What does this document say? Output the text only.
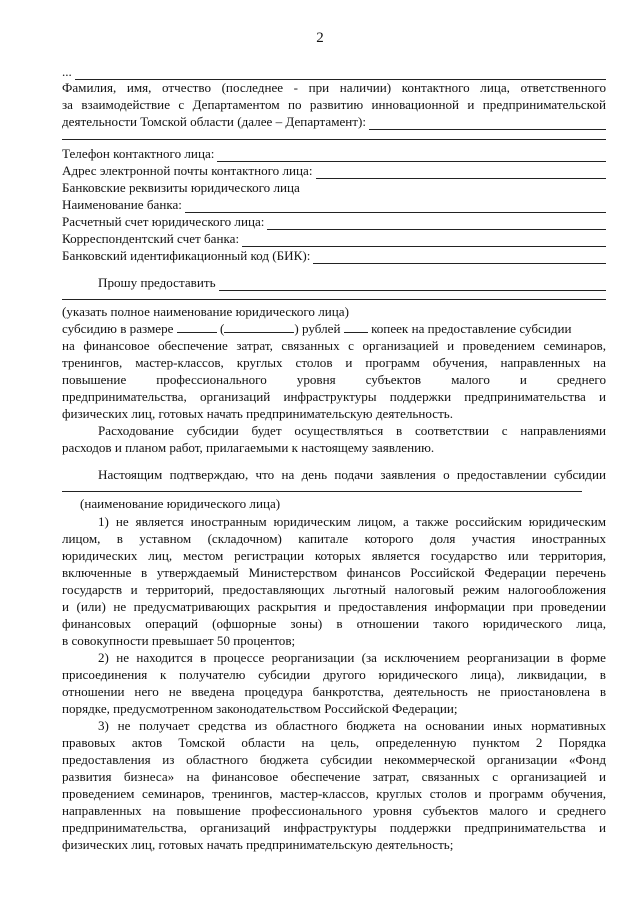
2
...
Фамилия, имя, отчество (последнее - при наличии) контактного лица, ответственного
за взаимодействие с Департаментом по развитию инновационной и предпринимательской
деятельности Томской области (далее – Департамент):
Телефон контактного лица:
Адрес электронной почты контактного лица:
Банковские реквизиты юридического лица
Наименование банка:
Расчетный счет юридического лица:
Корреспондентский счет банка:
Банковский идентификационный код (БИК):
Прошу предоставить
(указать полное наименование юридического лица)
субсидию в размере	(	) рублей копеек на предоставление субсидии
на финансовое обеспечение затрат, связанных с организацией и проведением семинаров,
тренингов, мастер-классов, круглых столов и программ обучения, направленных на
повышение профессионального уровня субъектов малого и среднего
предпринимательства, организаций инфраструктуры поддержки предпринимательства и
физических лиц, готовых начать предпринимательскую деятельность.
Расходование субсидии будет осуществляться в соответствии с направлениями
расходов и планом работ, прилагаемыми к настоящему заявлению.
Настоящим подтверждаю, что на день подачи заявления о предоставлении субсидии
(наименование юридического лица)
1) не является иностранным юридическим лицом, а также российским юридическим
лицом, в уставном (складочном) капитале которого доля участия иностранных
юридических лиц, местом регистрации которых является государство или территория,
включенные в утверждаемый Министерством финансов Российской Федерации перечень
государств и территорий, предоставляющих льготный налоговый режим налогообложения
и (или) не предусматривающих раскрытия и предоставления информации при проведении
финансовых операций (офшорные зоны) в отношении такого юридического лица,
в совокупности превышает 50 процентов;
2) не находится в процессе реорганизации (за исключением реорганизации в форме
присоединения к получателю субсидии другого юридического лица), ликвидации, в
отношении него не введена процедура банкротства, деятельность не приостановлена в
порядке, предусмотренном законодательством Российской Федерации;
3) не получает средства из областного бюджета на основании иных нормативных
правовых актов Томской области на цель, определенную пунктом 2 Порядка
предоставления из областного бюджета субсидии некоммерческой организации «Фонд
развития бизнеса» на финансовое обеспечение затрат, связанных с организацией и
проведением семинаров, тренингов, мастер-классов, круглых столов и программ обучения,
направленных на повышение профессионального уровня субъектов малого и среднего
предпринимательства, организаций инфраструктуры поддержки предпринимательства и
физических лиц, готовых начать предпринимательскую деятельность;
